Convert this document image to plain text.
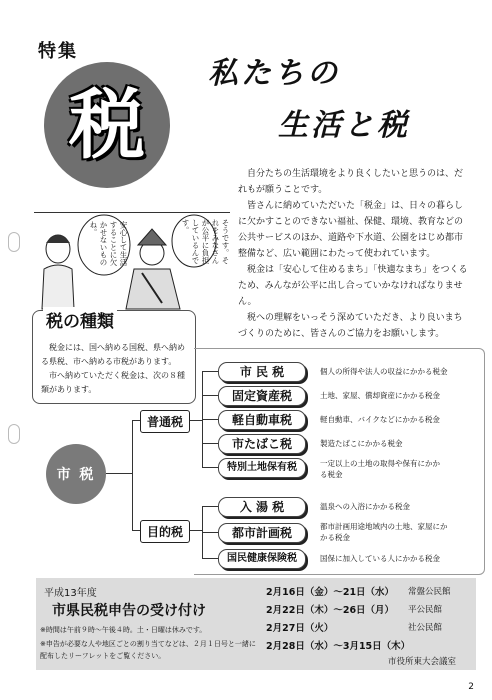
特集
税
私たちの
生活と税

自分たちの生活環境をより良くしたいと思うのは、だれもが願うことです。

皆さんに納めていただいた「税金」は、日々の暮らしに欠かすことのできない福祉、保健、環境、教育などの公共サービスのほか、道路や下水道、公園をはじめ都市整備など、広い範囲にわたって使われています。

税金は「安心して住めるまち」「快適なまち」をつくるため、みんなが公平に出し合っていかなければなりません。

税への理解をいっそう深めていただき、より良いまちづくりのために、皆さんのご協力をお願いします。

安心して生活することに欠かせないものね。	そうです。それをみなさんが公平に負担しているんです。
税の種類

税金には、国へ納める国税、県へ納める県税、市へ納める市税があります。

市へ納めていただく税金は、次の８種類があります。

市 税
普通税
目的税
市 民 税	個人の所得や法人の収益にかかる税金
固定資産税	土地、家屋、償却資産にかかる税金
軽自動車税	軽自動車、バイクなどにかかる税金
市たばこ税	製造たばこにかかる税金
特別土地保有税	一定以上の土地の取得や保有にかかる税金
入 湯 税	温泉への入浴にかかる税金
都市計画税	都市計画用途地域内の土地、家屋にかかる税金
国民健康保険税	国保に加入している人にかかる税金
平成13年度
市県民税申告の受け付け
※時間は午前９時～午後４時。土・日曜は休みです。
※申告が必要な人や地区ごとの割り当てなどは、２月１日号と一緒に配布したリーフレットをご覧ください。
2月16日（金）～21日（水） 常盤公民館
2月22日（木）～26日（月） 平公民館
2月27日（火）	社公民館
2月28日（水）～3月15日（木）
市役所東大会議室
2
